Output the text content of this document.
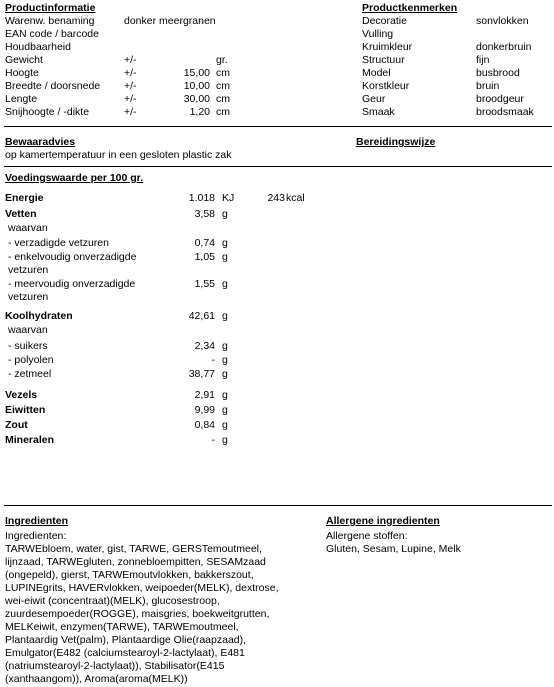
Productinformatie
Warenw. benaming	donker meergranen
EAN code / barcode
Houdbaarheid
Gewicht	+/-	gr.
Hoogte	+/-	15,00 cm
Breedte / doorsnede +/-	10,00 cm
Lengte	+/-	30,00 cm
Snijhoogte / -dikte	+/-	1,20 cm
Productkenmerken
Decoratie	sonvlokken
Vulling
Kruimkleur	donkerbruin
Structuur	fijn
Model	busbrood
Korstkleur	bruin
Geur	broodgeur
Smaak	broodsmaak
Bewaaradvies
op kamertemperatuur in een gesloten plastic zak
Bereidingswijze
Voedingswaarde per 100 gr.
Energie	1.018 KJ	243 kcal
Vetten	3,58 g
waarvan
- verzadigde vetzuren	0,74 g
- enkelvoudig onverzadigde
vetzuren
1,05 g
- meervoudig onverzadigde
vetzuren
1,55 g
Koolhydraten	42,61 g
waarvan
- suikers	2,34 g
- polyolen	- g
- zetmeel	38,77 g
Vezels	2,91 g
Eiwitten	9,99 g
Zout	0,84 g
Mineralen	- g
Ingredienten
Ingredienten:
TARWEbloem, water, gist, TARWE, GERSTemoutmeel,
lijnzaad, TARWEgluten, zonnebloempitten, SESAMzaad
(ongepeld), gierst, TARWEmoutvlokken, bakkerszout,
LUPINEgrits, HAVERvlokken, weipoeder(MELK), dextrose,
wei-eiwit (concentraat)(MELK), glucosestroop,
zuurdesempoeder(ROGGE), maisgries, boekweitgrutten,
MELKeiwit, enzymen(TARWE), TARWEmoutmeel,
Plantaardig Vet(palm), Plantaardige Olie(raapzaad),
Emulgator(E482 (calciumstearoyl-2-lactylaat), E481
(natriumstearoyl-2-lactylaat)), Stabilisator(E415
(xanthaangom)), Aroma(aroma(MELK))
Allergene ingredienten
Allergene stoffen:
Gluten, Sesam, Lupine, Melk
